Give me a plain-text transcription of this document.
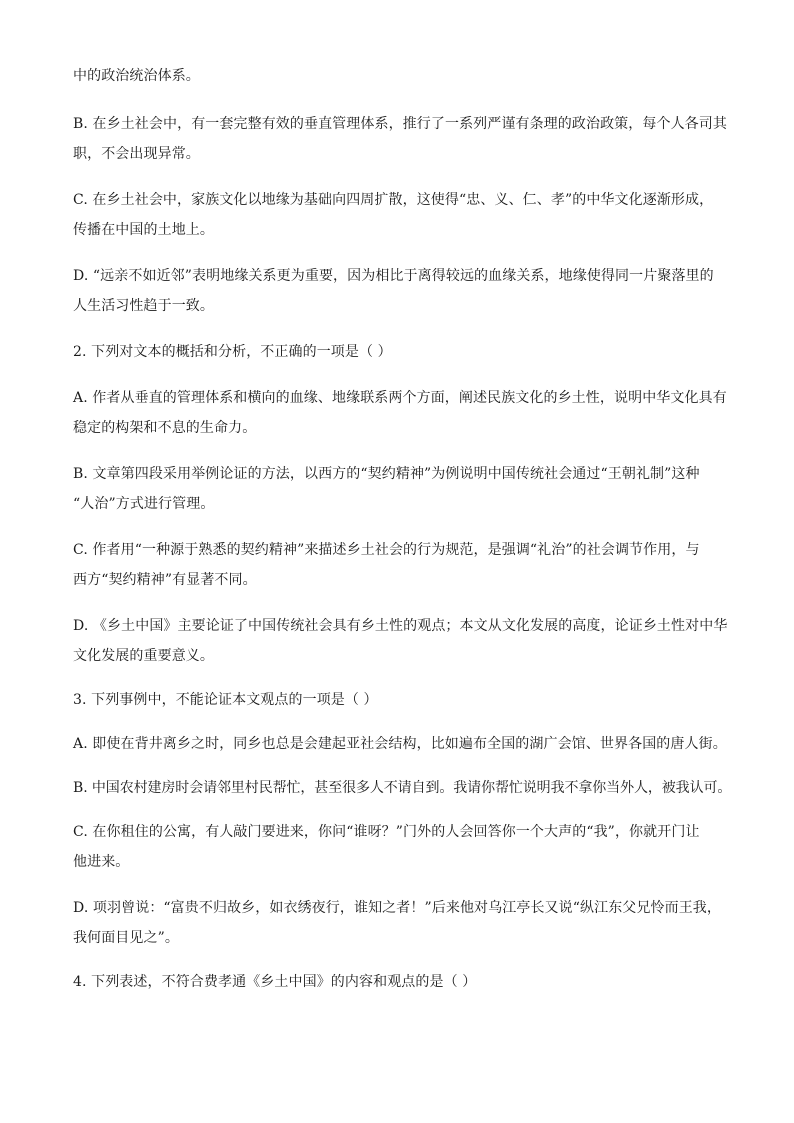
中的政治统治体系。
B. 在乡土社会中，有一套完整有效的垂直管理体系，推行了一系列严谨有条理的政治政策，每个人各司其
职，不会出现异常。
C. 在乡土社会中，家族文化以地缘为基础向四周扩散，这使得“忠、义、仁、孝”的中华文化逐渐形成，
传播在中国的土地上。
D. “远亲不如近邻”表明地缘关系更为重要，因为相比于离得较远的血缘关系，地缘使得同一片聚落里的
人生活习性趋于一致。
2. 下列对文本的概括和分析，不正确的一项是（ ）
A. 作者从垂直的管理体系和横向的血缘、地缘联系两个方面，阐述民族文化的乡土性，说明中华文化具有
稳定的构架和不息的生命力。
B. 文章第四段采用举例论证的方法，以西方的“契约精神”为例说明中国传统社会通过“王朝礼制”这种
“人治”方式进行管理。
C. 作者用“一种源于熟悉的契约精神”来描述乡土社会的行为规范，是强调“礼治”的社会调节作用，与
西方“契约精神”有显著不同。
D. 《乡土中国》主要论证了中国传统社会具有乡土性的观点；本文从文化发展的高度，论证乡土性对中华
文化发展的重要意义。
3. 下列事例中，不能论证本文观点的一项是（ ）
A. 即使在背井离乡之时，同乡也总是会建起亚社会结构，比如遍布全国的湖广会馆、世界各国的唐人街。
B. 中国农村建房时会请邻里村民帮忙，甚至很多人不请自到。我请你帮忙说明我不拿你当外人，被我认可。
C. 在你租住的公寓，有人敲门要进来，你问“谁呀？”门外的人会回答你一个大声的“我”，你就开门让
他进来。
D. 项羽曾说：“富贵不归故乡，如衣绣夜行，谁知之者！”后来他对乌江亭长又说“纵江东父兄怜而王我，
我何面目见之”。
4. 下列表述，不符合费孝通《乡土中国》的内容和观点的是（ ）
